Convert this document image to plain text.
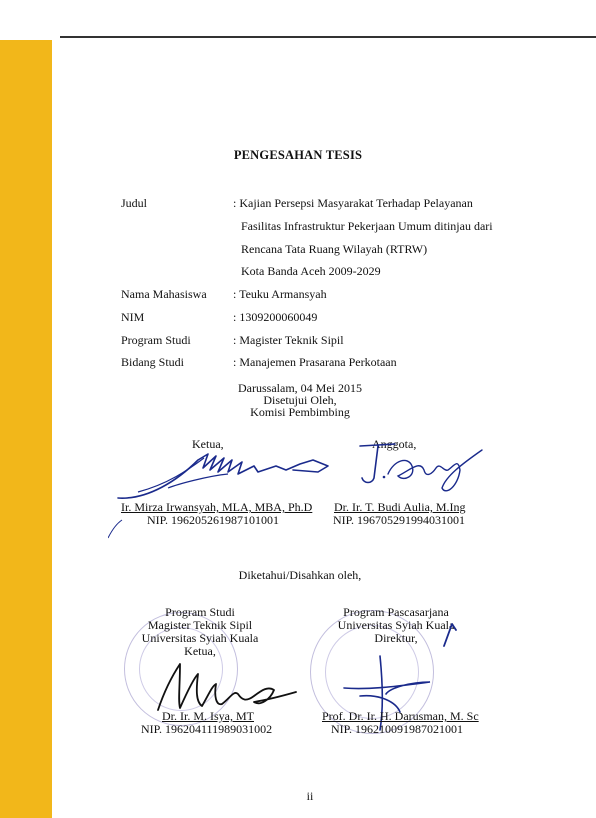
PENGESAHAN TESIS
Judul	: Kajian Persepsi Masyarakat Terhadap Pelayanan
Fasilitas Infrastruktur Pekerjaan Umum ditinjau dari
Rencana Tata Ruang Wilayah (RTRW)
Kota Banda Aceh 2009-2029
Nama Mahasiswa : Teuku Armansyah
NIM	: 1309200060049
Program Studi	: Magister Teknik Sipil
Bidang Studi	: Manajemen Prasarana Perkotaan
Darussalam, 04 Mei 2015
Disetujui Oleh,
Komisi Pembimbing
Ketua,	Anggota,
Ir. Mirza Irwansyah, MLA, MBA, Ph.D
NIP. 196205261987101001
Dr. Ir. T. Budi Aulia, M.Ing
NIP. 196705291994031001
Diketahui/Disahkan oleh,
Program Studi
Magister Teknik Sipil
Universitas Syiah Kuala
Ketua,
Program Pascasarjana
Universitas Syiah Kuala
Direktur,
Dr. Ir. M. Isya, MT
NIP. 196204111989031002
Prof. Dr. Ir. H. Darusman, M. Sc
NIP. 196210091987021001
ii
